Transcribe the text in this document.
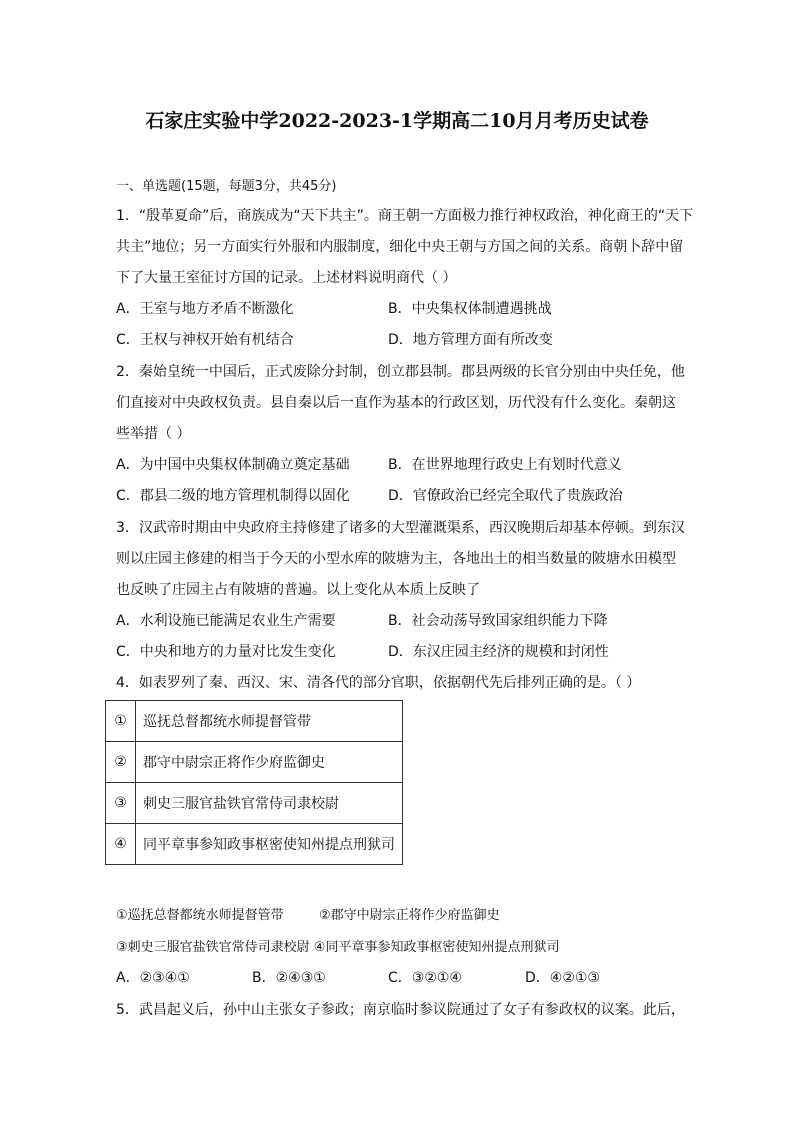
石家庄实验中学2022-2023-1学期高二10月月考历史试卷
一、单选题(15题，每题3分，共45分)
1．“殷革夏命”后，商族成为“天下共主”。商王朝一方面极力推行神权政治，神化商王的“天下
共主”地位；另一方面实行外服和内服制度，细化中央王朝与方国之间的关系。商朝卜辞中留
下了大量王室征讨方国的记录。上述材料说明商代（ ）
A．王室与地方矛盾不断激化	B．中央集权体制遭遇挑战
C．王权与神权开始有机结合	D．地方管理方面有所改变
2．秦始皇统一中国后，正式废除分封制，创立郡县制。郡县两级的长官分别由中央任免，他
们直接对中央政权负责。县自秦以后一直作为基本的行政区划，历代没有什么变化。秦朝这
些举措（ ）
A．为中国中央集权体制确立奠定基础	B．在世界地理行政史上有划时代意义
C．郡县二级的地方管理机制得以固化	D．官僚政治已经完全取代了贵族政治
3．汉武帝时期由中央政府主持修建了诸多的大型灌溉渠系，西汉晚期后却基本停顿。到东汉
则以庄园主修建的相当于今天的小型水库的陂塘为主，各地出土的相当数量的陂塘水田模型
也反映了庄园主占有陂塘的普遍。以上变化从本质上反映了
A．水利设施已能满足农业生产需要	B．社会动荡导致国家组织能力下降
C．中央和地方的力量对比发生变化	D．东汉庄园主经济的规模和封闭性
4．如表罗列了秦、西汉、宋、清各代的部分官职，依据朝代先后排列正确的是。（ ）
①	巡抚总督都统水师提督管带
②	郡守中尉宗正将作少府监御史
③	刺史三服官盐铁官常侍司隶校尉
④	同平章事参知政事枢密使知州提点刑狱司
①巡抚总督都统水师提督管带	②郡守中尉宗正将作少府监御史
③刺史三服官盐铁官常侍司隶校尉 ④同平章事参知政事枢密使知州提点刑狱司
A．②③④①	B．②④③①	C．③②①④	D．④②①③
5．武昌起义后，孙中山主张女子参政；南京临时参议院通过了女子有参政权的议案。此后，
